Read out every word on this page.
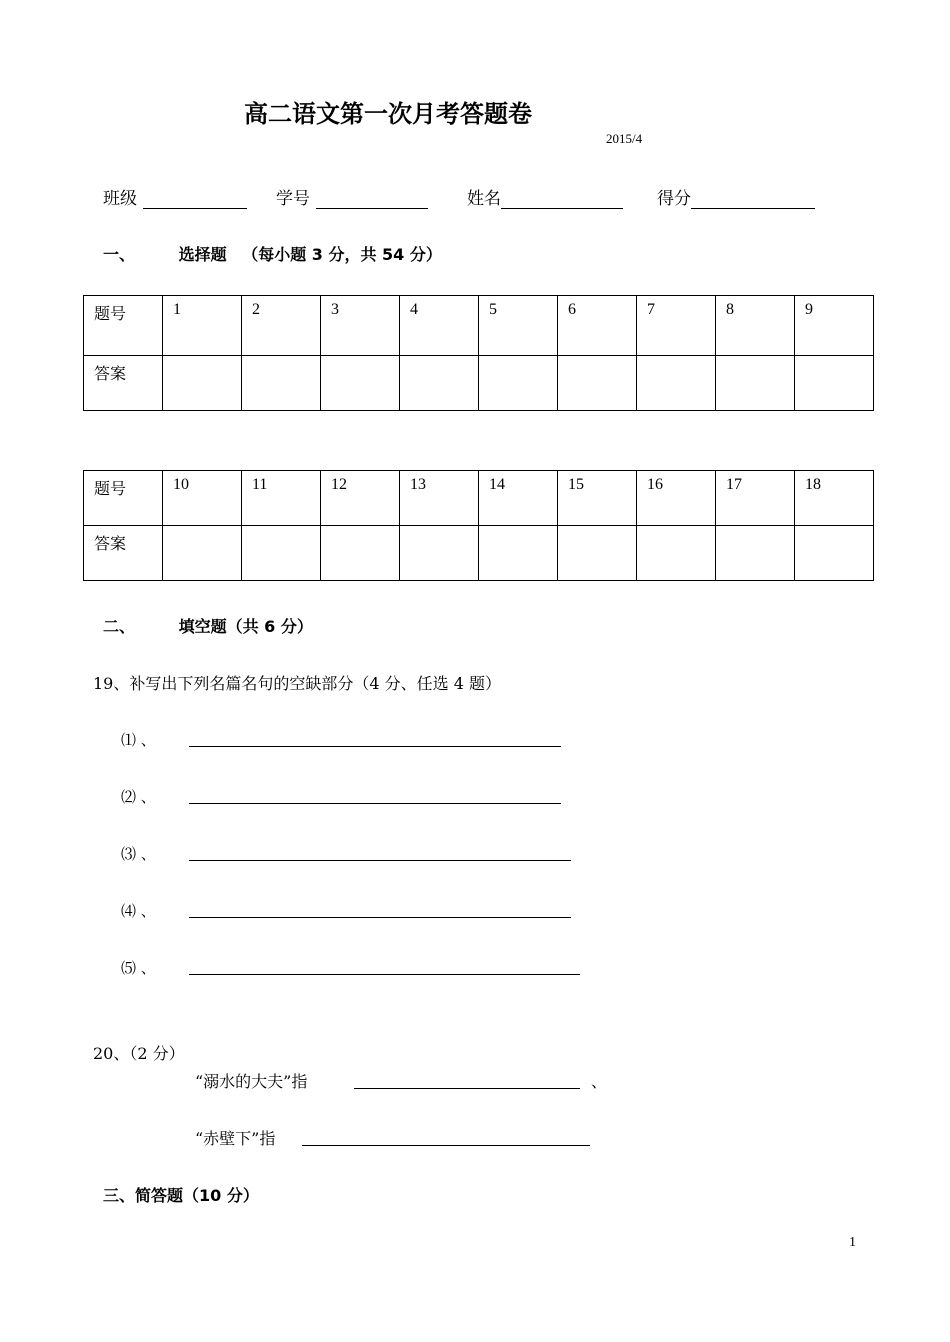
高二语文第一次月考答题卷
2015/4
班级	学号	姓名	得分
一、	选择题 （每小题 3 分，共 54 分）
题号	1	2	3	4	5	6	7	8	9
答案									
题号	10	11	12	13	14	15	16	17	18
答案									
二、	填空题（共 6 分）
19、补写出下列名篇名句的空缺部分（4 分、任选 4 题）
⑴ 、
⑵ 、
⑶ 、
⑷ 、
⑸ 、
20、（2 分）
“溺水的大夫”指	、
“赤壁下”指
三、简答题（10 分）
1
